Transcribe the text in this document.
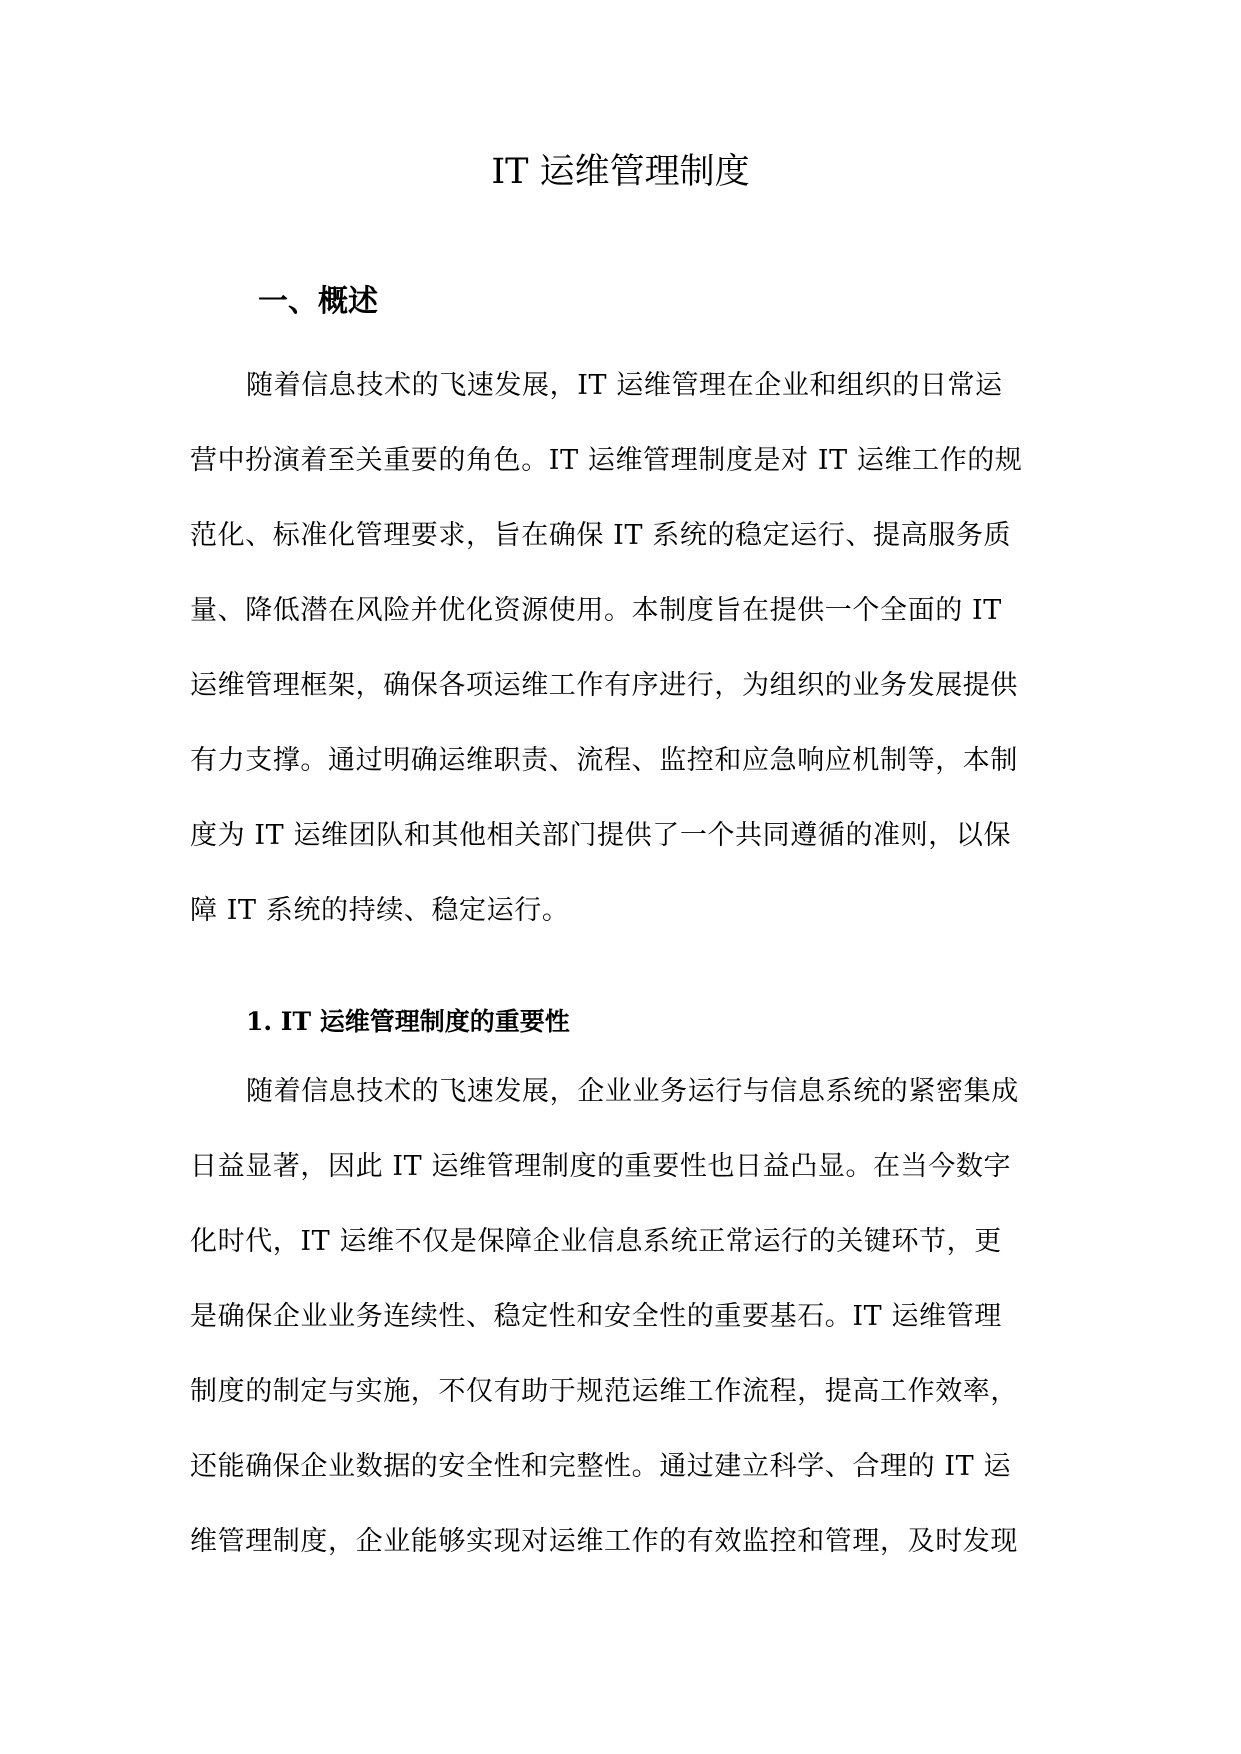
IT 运维管理制度
一、概述
随着信息技术的飞速发展，IT 运维管理在企业和组织的日常运
营中扮演着至关重要的角色。IT 运维管理制度是对 IT 运维工作的规
范化、标准化管理要求，旨在确保 IT 系统的稳定运行、提高服务质
量、降低潜在风险并优化资源使用。本制度旨在提供一个全面的 IT
运维管理框架，确保各项运维工作有序进行，为组织的业务发展提供
有力支撑。通过明确运维职责、流程、监控和应急响应机制等，本制
度为 IT 运维团队和其他相关部门提供了一个共同遵循的准则，以保
障 IT 系统的持续、稳定运行。
1. IT 运维管理制度的重要性
随着信息技术的飞速发展，企业业务运行与信息系统的紧密集成
日益显著，因此 IT 运维管理制度的重要性也日益凸显。在当今数字
化时代，IT 运维不仅是保障企业信息系统正常运行的关键环节，更
是确保企业业务连续性、稳定性和安全性的重要基石。IT 运维管理
制度的制定与实施，不仅有助于规范运维工作流程，提高工作效率，
还能确保企业数据的安全性和完整性。通过建立科学、合理的 IT 运
维管理制度，企业能够实现对运维工作的有效监控和管理，及时发现
